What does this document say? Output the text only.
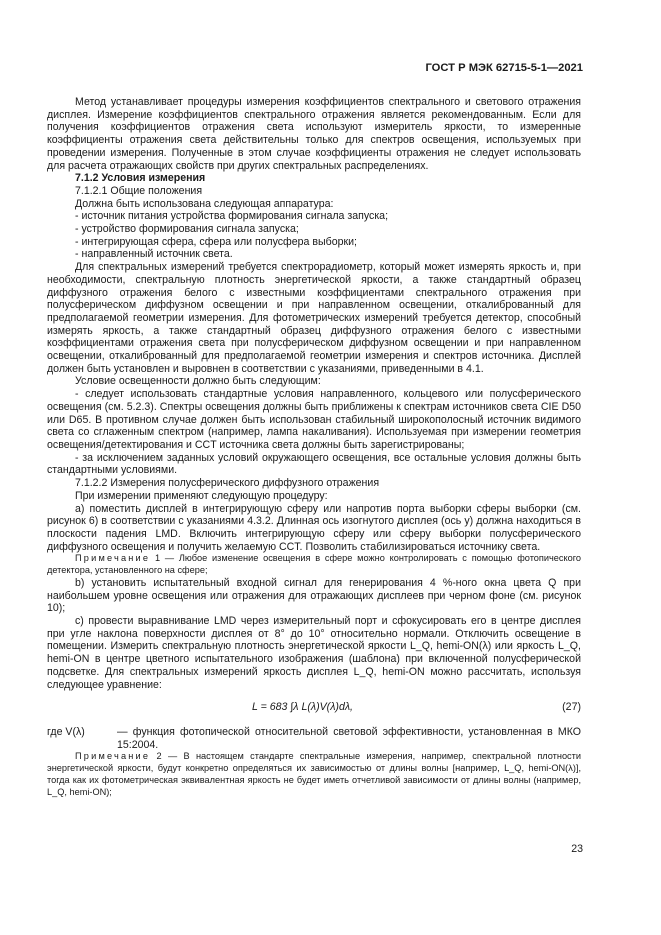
ГОСТ Р МЭК 62715-5-1—2021

Метод устанавливает процедуры измерения коэффициентов спектрального и светового отражения дисплея. Измерение коэффициентов спектрального отражения является рекомендованным. Если для получения коэффициентов отражения света используют измеритель яркости, то измеренные коэффициенты отражения света действительны только для спектров освещения, используемых при проведении измерения. Полученные в этом случае коэффициенты отражения не следует использовать для расчета отражающих свойств при других спектральных распределениях.

7.1.2 Условия измерения

7.1.2.1 Общие положения

Должна быть использована следующая аппаратура:

- источник питания устройства формирования сигнала запуска;

- устройство формирования сигнала запуска;

- интегрирующая сфера, сфера или полусфера выборки;

- направленный источник света.

Для спектральных измерений требуется спектрорадиометр, который может измерять яркость и, при необходимости, спектральную плотность энергетической яркости, а также стандартный образец диффузного отражения белого с известными коэффициентами спектрального отражения при полусферическом диффузном освещении и при направленном освещении, откалиброванный для предполагаемой геометрии измерения. Для фотометрических измерений требуется детектор, способный измерять яркость, а также стандартный образец диффузного отражения белого с известными коэффициентами отражения света при полусферическом диффузном освещении и при направленном освещении, откалиброванный для предполагаемой геометрии измерения и спектров источника. Дисплей должен быть установлен и выровнен в соответствии с указаниями, приведенными в 4.1.

Условие освещенности должно быть следующим:

- следует использовать стандартные условия направленного, кольцевого или полусферического освещения (см. 5.2.3). Спектры освещения должны быть приближены к спектрам источников света CIE D50 или D65. В противном случае должен быть использован стабильный широкополосный источник видимого света со сглаженным спектром (например, лампа накаливания). Используемая при измерении геометрия освещения/детектирования и CCT источника света должны быть зарегистрированы;

- за исключением заданных условий окружающего освещения, все остальные условия должны быть стандартными условиями.

7.1.2.2 Измерения полусферического диффузного отражения

При измерении применяют следующую процедуру:

a) поместить дисплей в интегрирующую сферу или напротив порта выборки сферы выборки (см. рисунок 6) в соответствии с указаниями 4.3.2. Длинная ось изогнутого дисплея (ось y) должна находиться в плоскости падения LMD. Включить интегрирующую сферу или сферу выборки полусферического диффузного освещения и получить желаемую CCT. Позволить стабилизироваться источнику света.

Примечание 1 — Любое изменение освещения в сфере можно контролировать с помощью фотопического детектора, установленного на сфере;

b) установить испытательный входной сигнал для генерирования 4 %-ного окна цвета Q при наибольшем уровне освещения или отражения для отражающих дисплеев при черном фоне (см. рисунок 10);

c) провести выравнивание LMD через измерительный порт и сфокусировать его в центре дисплея при угле наклона поверхности дисплея от 8° до 10° относительно нормали. Отключить освещение в помещении. Измерить спектральную плотность энергетической яркости L_Q, hemi-ON(λ) или яркость L_Q, hemi-ON в центре цветного испытательного изображения (шаблона) при включенной полусферической подсветке. Для спектральных измерений яркость дисплея L_Q, hemi-ON можно рассчитать, используя следующее уравнение:

L = 683 ∫λ L(λ)V(λ)dλ,	(27)
где V(λ)	— функция фотопической относительной световой эффективности, установленная в МКО 15:2004.

Примечание 2 — В настоящем стандарте спектральные измерения, например, спектральной плотности энергетической яркости, будут конкретно определяться их зависимостью от длины волны [например, L_Q, hemi-ON(λ)], тогда как их фотометрическая эквивалентная яркость не будет иметь отчетливой зависимости от длины волны (например, L_Q, hemi-ON);

23
